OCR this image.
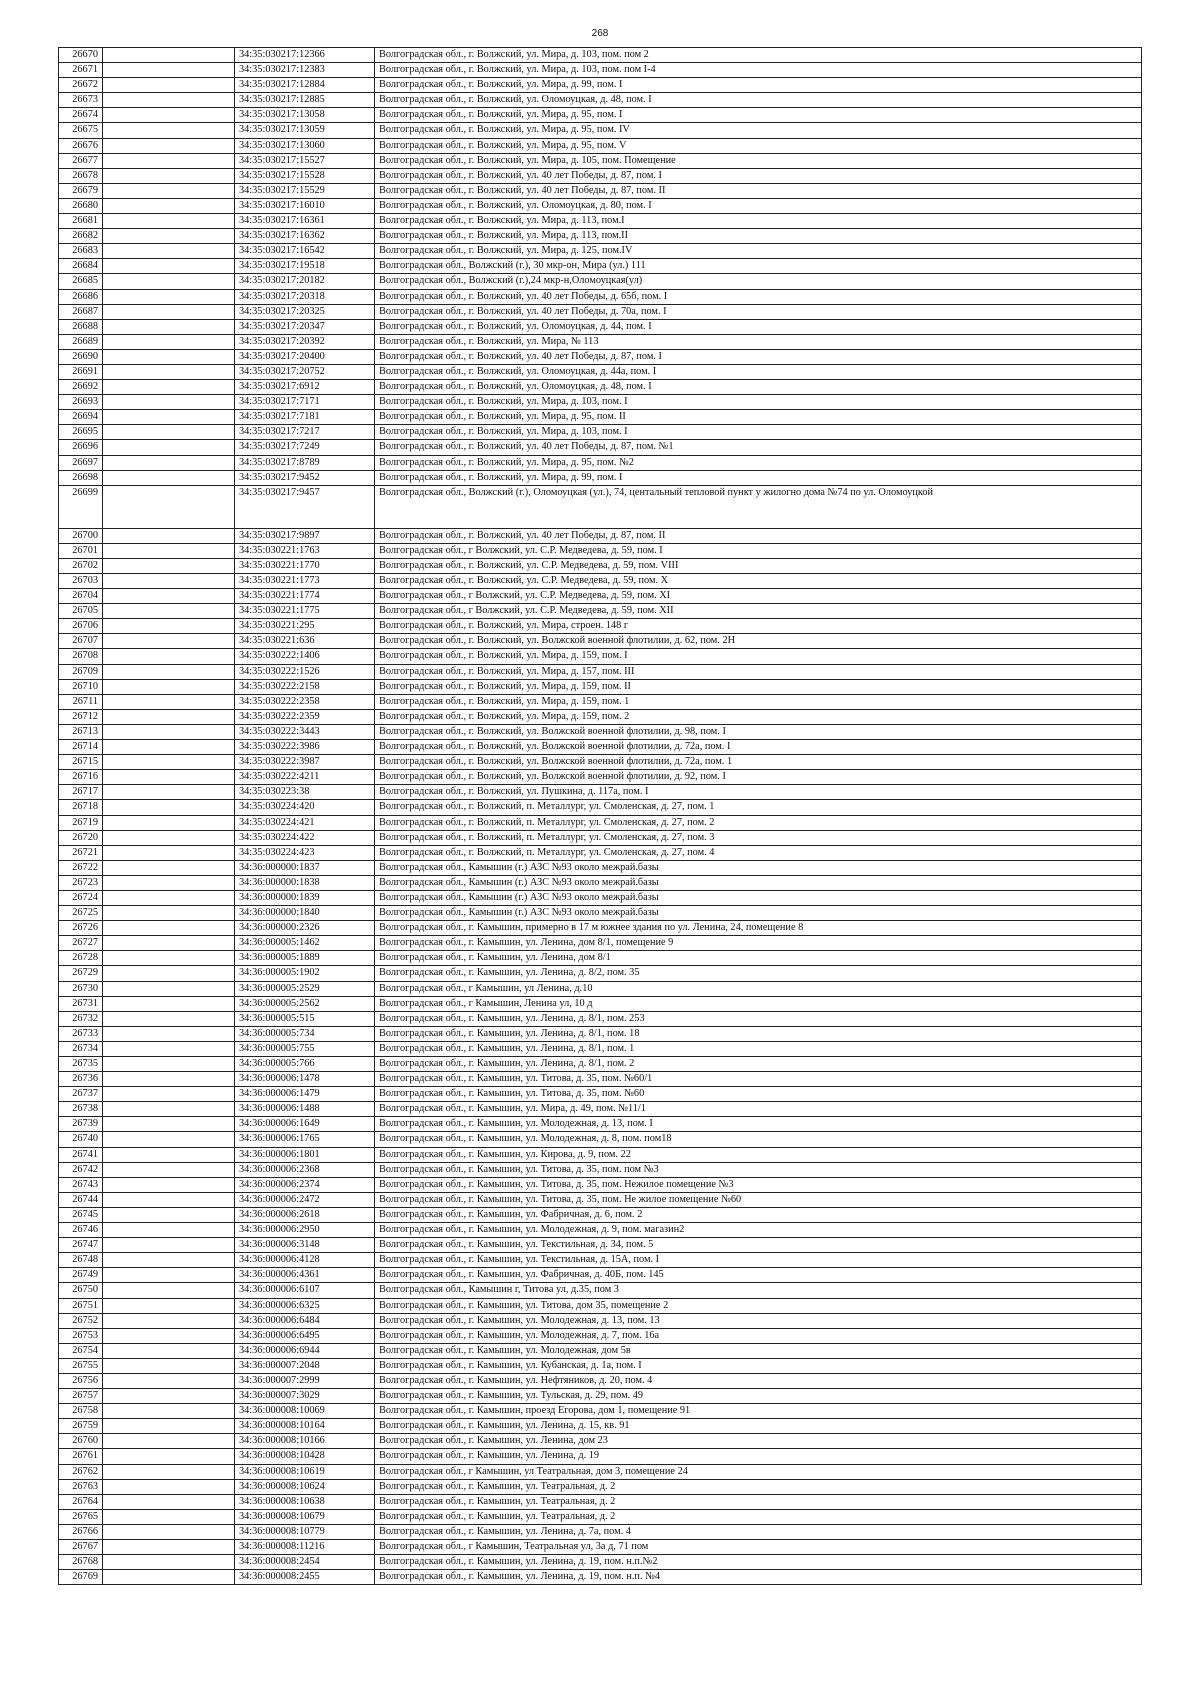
268
26670		34:35:030217:12366	Волгоградская обл., г. Волжский, ул. Мира, д. 103, пом. пом 2
26671		34:35:030217:12383	Волгоградская обл., г. Волжский, ул. Мира, д. 103, пом. пом I-4
26672		34:35:030217:12884	Волгоградская обл., г. Волжский, ул. Мира, д. 99, пом. I
26673		34:35:030217:12885	Волгоградская обл., г. Волжский, ул. Оломоуцкая, д. 48, пом. I
26674		34:35:030217:13058	Волгоградская обл., г. Волжский, ул. Мира, д. 95, пом. I
26675		34:35:030217:13059	Волгоградская обл., г. Волжский, ул. Мира, д. 95, пом. IV
26676		34:35:030217:13060	Волгоградская обл., г. Волжский, ул. Мира, д. 95, пом. V
26677		34:35:030217:15527	Волгоградская обл., г. Волжский, ул. Мира, д. 105, пом. Помещение
26678		34:35:030217:15528	Волгоградская обл., г. Волжский, ул. 40 лет Победы, д. 87, пом. I
26679		34:35:030217:15529	Волгоградская обл., г. Волжский, ул. 40 лет Победы, д. 87, пом. II
26680		34:35:030217:16010	Волгоградская обл., г. Волжский, ул. Оломоуцкая, д. 80, пом. I
26681		34:35:030217:16361	Волгоградская обл., г. Волжский, ул. Мира, д. 113, пом.I
26682		34:35:030217:16362	Волгоградская обл., г. Волжский, ул. Мира, д. 113, пом.II
26683		34:35:030217:16542	Волгоградская обл., г. Волжский, ул. Мира, д. 125, пом.IV
26684		34:35:030217:19518	Волгоградская обл., Волжский (г.), 30 мкр-он, Мира (ул.) 111
26685		34:35:030217:20182	Волгоградская обл., Волжский (г.),24 мкр-н,Оломоуцкая(ул)
26686		34:35:030217:20318	Волгоградская обл., г. Волжский, ул. 40 лет Победы, д. 65б, пом. I
26687		34:35:030217:20325	Волгоградская обл., г. Волжский, ул. 40 лет Победы, д. 70а, пом. I
26688		34:35:030217:20347	Волгоградская обл., г. Волжский, ул. Оломоуцкая, д. 44, пом. I
26689		34:35:030217:20392	Волгоградская обл., г. Волжский, ул. Мира, № 113
26690		34:35:030217:20400	Волгоградская обл., г. Волжский, ул. 40 лет Победы, д. 87, пом. I
26691		34:35:030217:20752	Волгоградская обл., г. Волжский, ул. Оломоуцкая, д. 44а, пом. I
26692		34:35:030217:6912	Волгоградская обл., г. Волжский, ул. Оломоуцкая, д. 48, пом. I
26693		34:35:030217:7171	Волгоградская обл., г. Волжский, ул. Мира, д. 103, пом. I
26694		34:35:030217:7181	Волгоградская обл., г. Волжский, ул. Мира, д. 95, пом. II
26695		34:35:030217:7217	Волгоградская обл., г. Волжский, ул. Мира, д. 103, пом. I
26696		34:35:030217:7249	Волгоградская обл., г. Волжский, ул. 40 лет Победы, д. 87, пом. №1
26697		34:35:030217:8789	Волгоградская обл., г. Волжский, ул. Мира, д. 95, пом. №2
26698		34:35:030217:9452	Волгоградская обл., г. Волжский, ул. Мира, д. 99, пом. I
26699		34:35:030217:9457	Волгоградская обл., Волжский (г.), Оломоуцкая (ул.), 74, центальный тепловой пункт у жилогно дома №74 по ул. Оломоуцкой
26700		34:35:030217:9897	Волгоградская обл., г. Волжский, ул. 40 лет Победы, д. 87, пом. II
26701		34:35:030221:1763	Волгоградская обл., г Волжский, ул. С.Р. Медведева, д. 59, пом. I
26702		34:35:030221:1770	Волгоградская обл., г. Волжский, ул. С.Р. Медведева, д. 59, пом. VIII
26703		34:35:030221:1773	Волгоградская обл., г. Волжский, ул. С.Р. Медведева, д. 59, пом. X
26704		34:35:030221:1774	Волгоградская обл., г Волжский, ул. С.Р. Медведева, д. 59, пом. XI
26705		34:35:030221:1775	Волгоградская обл., г Волжский, ул. С.Р. Медведева, д. 59, пом. XII
26706		34:35:030221:295	Волгоградская обл., г. Волжский, ул. Мира, строен. 148 г
26707		34:35:030221:636	Волгоградская обл., г. Волжский, ул. Волжской военной флотилии, д. 62, пом. 2Н
26708		34:35:030222:1406	Волгоградская обл., г. Волжский, ул. Мира, д. 159, пом. I
26709		34:35:030222:1526	Волгоградская обл., г. Волжский, ул. Мира, д. 157, пом. III
26710		34:35:030222:2158	Волгоградская обл., г. Волжский, ул. Мира, д. 159, пом. II
26711		34:35:030222:2358	Волгоградская обл., г. Волжский, ул. Мира, д. 159, пом. 1
26712		34:35:030222:2359	Волгоградская обл., г. Волжский, ул. Мира, д. 159, пом. 2
26713		34:35:030222:3443	Волгоградская обл., г. Волжский, ул. Волжской военной флотилии, д. 98, пом. I
26714		34:35:030222:3986	Волгоградская обл., г. Волжский, ул. Волжской военной флотилии, д. 72а, пом. I
26715		34:35:030222:3987	Волгоградская обл., г. Волжский, ул. Волжской военной флотилии, д. 72а, пом. 1
26716		34:35:030222:4211	Волгоградская обл., г. Волжский, ул. Волжской военной флотилии, д. 92, пом. I
26717		34:35:030223:38	Волгоградская обл., г. Волжский, ул. Пушкина, д. 117а, пом. I
26718		34:35:030224:420	Волгоградская обл., г. Волжский, п. Металлург, ул. Смоленская, д. 27, пом. 1
26719		34:35:030224:421	Волгоградская обл., г. Волжский, п. Металлург, ул. Смоленская, д. 27, пом. 2
26720		34:35:030224:422	Волгоградская обл., г. Волжский, п. Металлург, ул. Смоленская, д. 27, пом. 3
26721		34:35:030224:423	Волгоградская обл., г. Волжский, п. Металлург, ул. Смоленская, д. 27, пом. 4
26722		34:36:000000:1837	Волгоградская обл., Камышин (г.) АЗС №93 около межрай.базы
26723		34:36:000000:1838	Волгоградская обл., Камышин (г.) АЗС №93 около межрай.базы
26724		34:36:000000:1839	Волгоградская обл., Камышин (г.) АЗС №93 около межрай.базы
26725		34:36:000000:1840	Волгоградская обл., Камышин (г.) АЗС №93 около межрай.базы
26726		34:36:000000:2326	Волгоградская обл., г. Камышин, примерно в 17 м южнее здания по ул. Ленина, 24, помещение 8
26727		34:36:000005:1462	Волгоградская обл., г. Камышин, ул. Ленина, дом 8/1, помещение 9
26728		34:36:000005:1889	Волгоградская обл., г. Камышин, ул. Ленина, дом 8/1
26729		34:36:000005:1902	Волгоградская обл., г. Камышин, ул. Ленина, д. 8/2, пом. 35
26730		34:36:000005:2529	Волгоградская обл., г Камышин, ул Ленина, д.10
26731		34:36:000005:2562	Волгоградская обл., г Камышин, Ленина ул, 10 д
26732		34:36:000005:515	Волгоградская обл., г. Камышин, ул. Ленина, д. 8/1, пом. 253
26733		34:36:000005:734	Волгоградская обл., г. Камышин, ул. Ленина, д. 8/1, пом. 18
26734		34:36:000005:755	Волгоградская обл., г. Камышин, ул. Ленина, д. 8/1, пом. 1
26735		34:36:000005:766	Волгоградская обл., г. Камышин, ул. Ленина, д. 8/1, пом. 2
26736		34:36:000006:1478	Волгоградская обл., г. Камышин, ул. Титова, д. 35, пом. №60/1
26737		34:36:000006:1479	Волгоградская обл., г. Камышин, ул. Титова, д. 35, пом. №60
26738		34:36:000006:1488	Волгоградская обл., г. Камышин, ул. Мира, д. 49, пом. №11/1
26739		34:36:000006:1649	Волгоградская обл., г. Камышин, ул. Молодежная, д. 13, пом. I
26740		34:36:000006:1765	Волгоградская обл., г. Камышин, ул. Молодежная, д. 8, пом. пом18
26741		34:36:000006:1801	Волгоградская обл., г. Камышин, ул. Кирова, д. 9, пом. 22
26742		34:36:000006:2368	Волгоградская обл., г. Камышин, ул. Титова, д. 35, пом. пом №3
26743		34:36:000006:2374	Волгоградская обл., г. Камышин, ул. Титова, д. 35, пом. Нежилое помещение №3
26744		34:36:000006:2472	Волгоградская обл., г. Камышин, ул. Титова, д. 35, пом. Не жилое помещение №60
26745		34:36:000006:2618	Волгоградская обл., г. Камышин, ул. Фабричная, д. 6, пом. 2
26746		34:36:000006:2950	Волгоградская обл., г. Камышин, ул. Молодежная, д. 9, пом. магазин2
26747		34:36:000006:3148	Волгоградская обл., г. Камышин, ул. Текстильная, д. 34, пом. 5
26748		34:36:000006:4128	Волгоградская обл., г. Камышин, ул. Текстильная, д. 15А, пом. I
26749		34:36:000006:4361	Волгоградская обл., г. Камышин, ул. Фабричная, д. 40Б, пом. 145
26750		34:36:000006:6107	Волгоградская обл., Камышин г, Титова ул, д.35, пом 3
26751		34:36:000006:6325	Волгоградская обл., г. Камышин, ул. Титова, дом 35, помещение 2
26752		34:36:000006:6484	Волгоградская обл., г. Камышин, ул. Молодежная, д. 13, пом. 13
26753		34:36:000006:6495	Волгоградская обл., г. Камышин, ул. Молодежная, д. 7, пом. 16а
26754		34:36:000006:6944	Волгоградская обл., г. Камышин, ул. Молодежная, дом 5в
26755		34:36:000007:2048	Волгоградская обл., г. Камышин, ул. Кубанская, д. 1а, пом. I
26756		34:36:000007:2999	Волгоградская обл., г. Камышин, ул. Нефтяников, д. 20, пом. 4
26757		34:36:000007:3029	Волгоградская обл., г. Камышин, ул. Тульская, д. 29, пом. 49
26758		34:36:000008:10069	Волгоградская обл., г. Камышин, проезд Егорова, дом 1, помещение 91
26759		34:36:000008:10164	Волгоградская обл., г. Камышин, ул. Ленина, д. 15, кв. 91
26760		34:36:000008:10166	Волгоградская обл., г. Камышин, ул. Ленина, дом 23
26761		34:36:000008:10428	Волгоградская обл., г. Камышин, ул. Ленина, д. 19
26762		34:36:000008:10619	Волгоградская обл., г Камышин, ул Театральная, дом 3, помещение 24
26763		34:36:000008:10624	Волгоградская обл., г. Камышин, ул. Театральная, д. 2
26764		34:36:000008:10638	Волгоградская обл., г. Камышин, ул. Театральная, д. 2
26765		34:36:000008:10679	Волгоградская обл., г. Камышин, ул. Театральная, д. 2
26766		34:36:000008:10779	Волгоградская обл., г. Камышин, ул. Ленина, д. 7а, пом. 4
26767		34:36:000008:11216	Волгоградская обл., г Камышин, Театральная ул, 3а д, 71 пом
26768		34:36:000008:2454	Волгоградская обл., г. Камышин, ул. Ленина, д. 19, пом. н.п.№2
26769		34:36:000008:2455	Волгоградская обл., г. Камышин, ул. Ленина, д. 19, пом. н.п. №4
